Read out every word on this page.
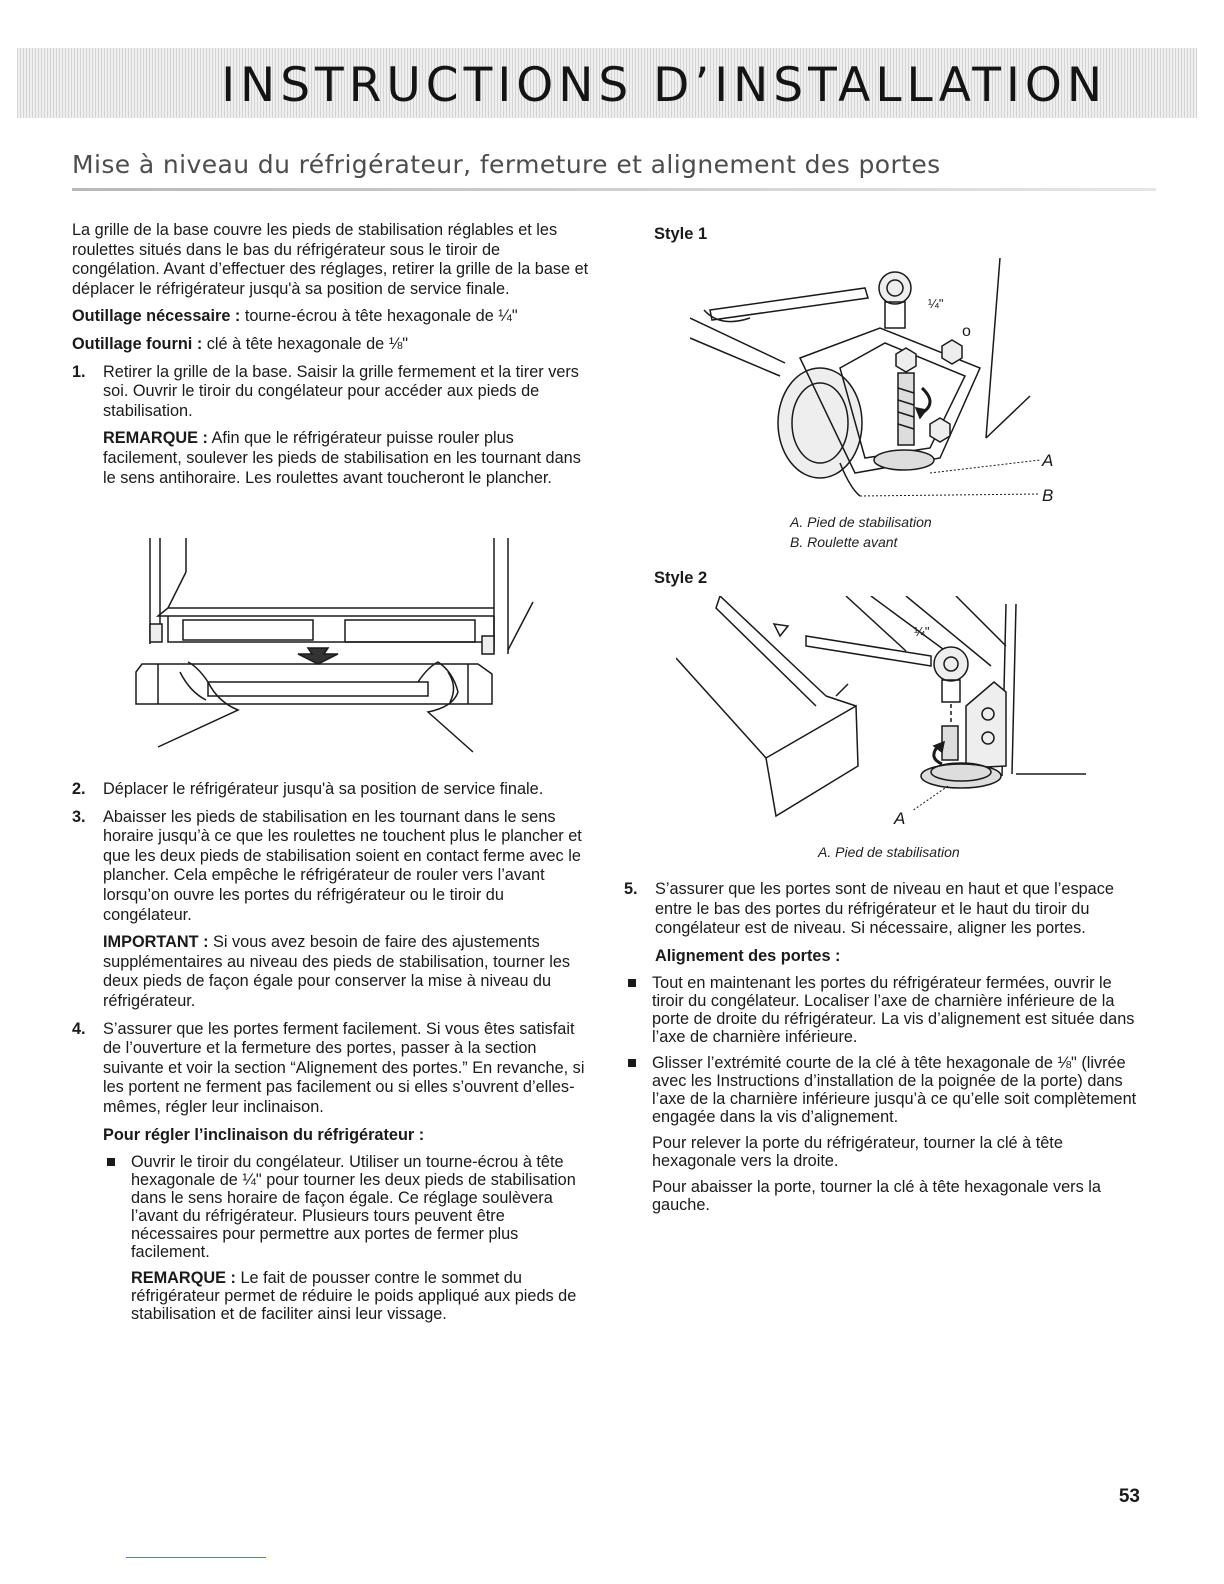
INSTRUCTIONS D’INSTALLATION
Mise à niveau du réfrigérateur, fermeture et alignement des portes

La grille de la base couvre les pieds de stabilisation réglables et les roulettes situés dans le bas du réfrigérateur sous le tiroir de congélation. Avant d’effectuer des réglages, retirer la grille de la base et déplacer le réfrigérateur jusqu'à sa position de service finale.

Outillage nécessaire : tourne-écrou à tête hexagonale de ¼"

Outillage fourni : clé à tête hexagonale de ⅛"

1. Retirer la grille de la base. Saisir la grille fermement et la tirer vers soi. Ouvrir le tiroir du congélateur pour accéder aux pieds de stabilisation.

REMARQUE : Afin que le réfrigérateur puisse rouler plus facilement, soulever les pieds de stabilisation en les tournant dans le sens antihoraire. Les roulettes avant toucheront le plancher.

2. Déplacer le réfrigérateur jusqu'à sa position de service finale.

3. Abaisser les pieds de stabilisation en les tournant dans le sens horaire jusqu’à ce que les roulettes ne touchent plus le plancher et que les deux pieds de stabilisation soient en contact ferme avec le plancher. Cela empêche le réfrigérateur de rouler vers l’avant lorsqu’on ouvre les portes du réfrigérateur ou le tiroir du congélateur.

IMPORTANT : Si vous avez besoin de faire des ajustements supplémentaires au niveau des pieds de stabilisation, tourner les deux pieds de façon égale pour conserver la mise à niveau du réfrigérateur.

4. S’assurer que les portes ferment facilement. Si vous êtes satisfait de l’ouverture et la fermeture des portes, passer à la section suivante et voir la section “Alignement des portes.” En revanche, si les portent ne ferment pas facilement ou si elles s’ouvrent d’elles-mêmes, régler leur inclinaison.

Pour régler l’inclinaison du réfrigérateur :

Ouvrir le tiroir du congélateur. Utiliser un tourne-écrou à tête hexagonale de ¼" pour tourner les deux pieds de stabilisation dans le sens horaire de façon égale. Ce réglage soulèvera l’avant du réfrigérateur. Plusieurs tours peuvent être nécessaires pour permettre aux portes de fermer plus facilement.

REMARQUE : Le fait de pousser contre le sommet du réfrigérateur permet de réduire le poids appliqué aux pieds de stabilisation et de faciliter ainsi leur vissage.

Style 1
¼"
o
A
B
A. Pied de stabilisation
B. Roulette avant
Style 2
¼"
A
A. Pied de stabilisation
5. S’assurer que les portes sont de niveau en haut et que l’espace entre le bas des portes du réfrigérateur et le haut du tiroir du congélateur est de niveau. Si nécessaire, aligner les portes.

Alignement des portes :

Tout en maintenant les portes du réfrigérateur fermées, ouvrir le tiroir du congélateur. Localiser l’axe de charnière inférieure de la porte de droite du réfrigérateur. La vis d’alignement est située dans l’axe de charnière inférieure.

Glisser l’extrémité courte de la clé à tête hexagonale de ⅛" (livrée avec les Instructions d’installation de la poignée de la porte) dans l’axe de la charnière inférieure jusqu’à ce qu’elle soit complètement engagée dans la vis d’alignement.

Pour relever la porte du réfrigérateur, tourner la clé à tête hexagonale vers la droite.

Pour abaisser la porte, tourner la clé à tête hexagonale vers la gauche.

53
